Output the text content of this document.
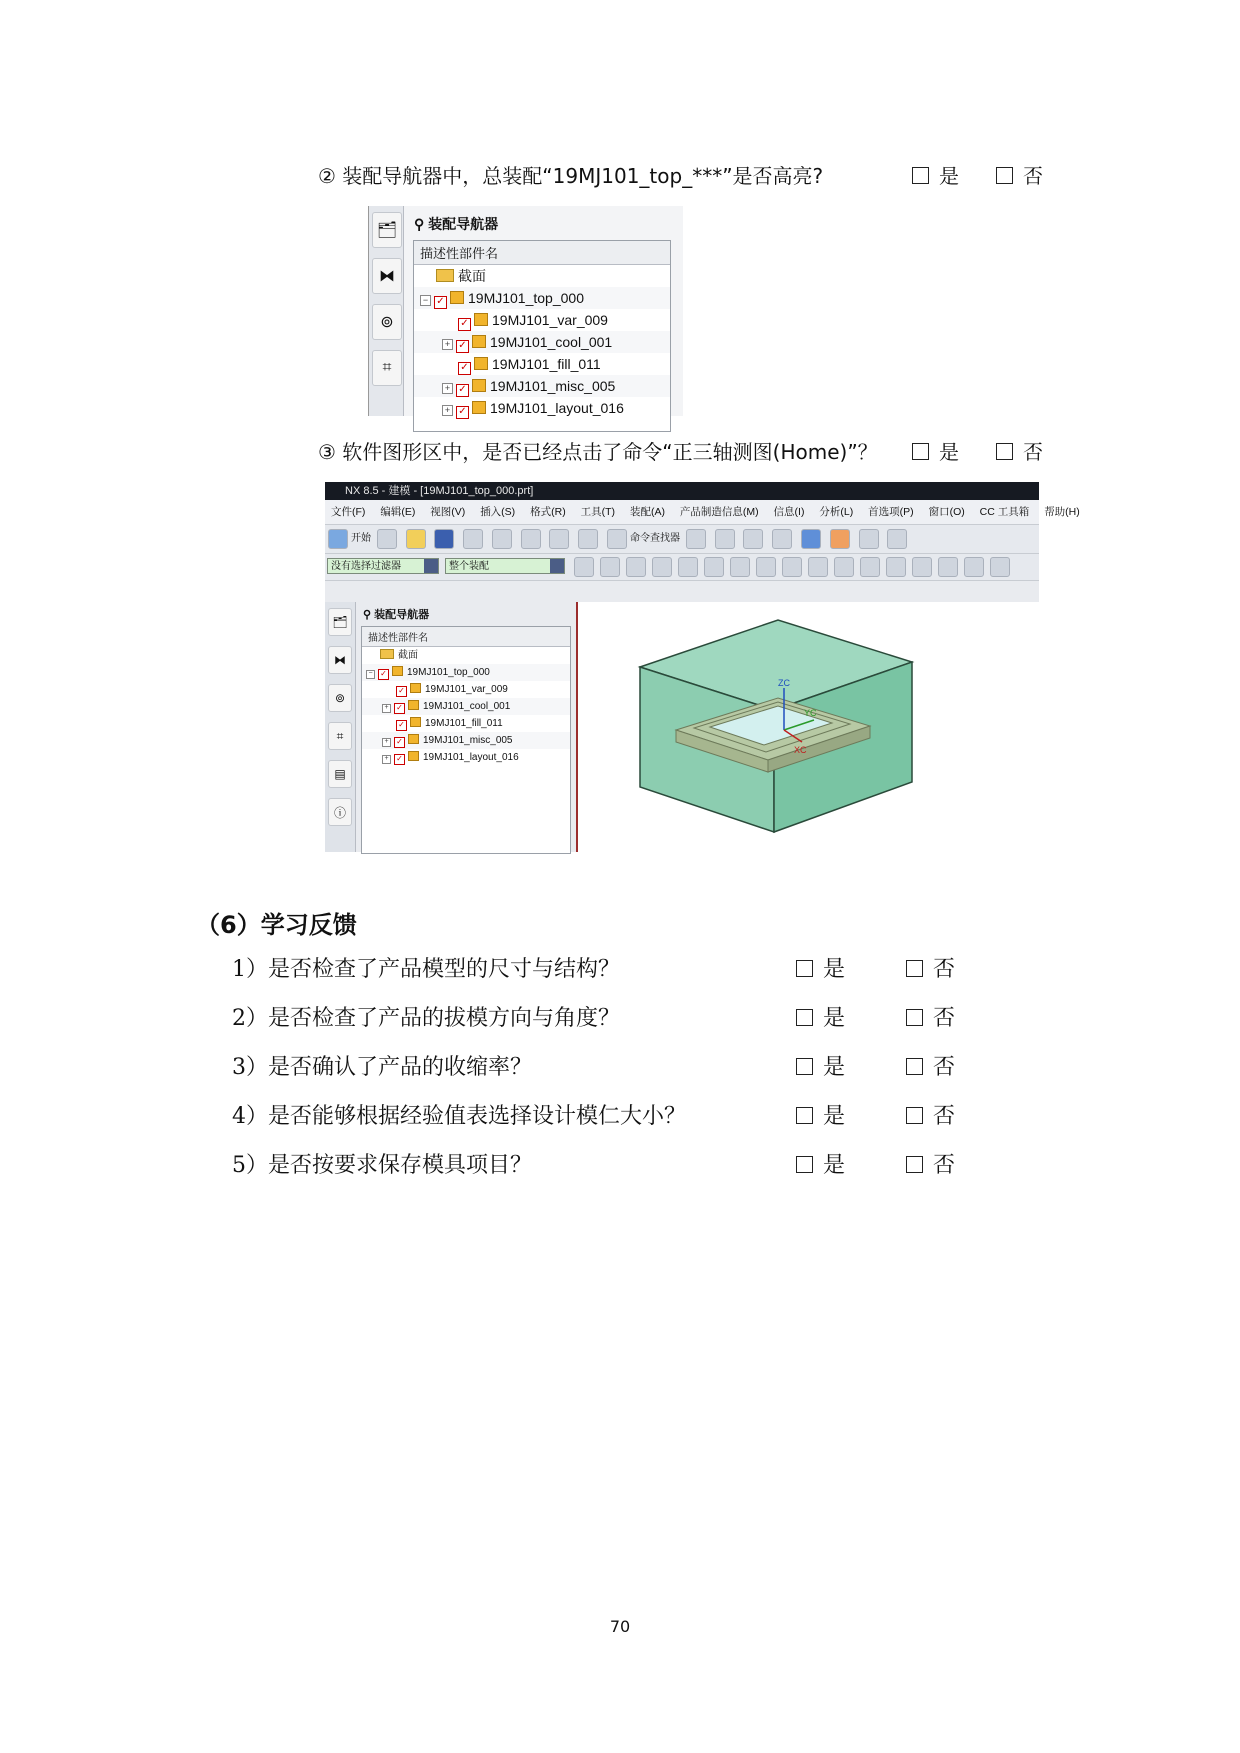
② 装配导航器中，总装配“19MJ101_top_***”是否高亮?	是	否
🗂
⧓
⊚
⌗
⚲ 装配导航器
描述性部件名
截面
− ✓ 19MJ101_top_000
✓ 19MJ101_var_009
+ ✓ 19MJ101_cool_001
✓ 19MJ101_fill_011
+ ✓ 19MJ101_misc_005
+ ✓ 19MJ101_layout_016
③ 软件图形区中，是否已经点击了命令“正三轴测图(Home)”？	是	否
NX 8.5 - 建模 - [19MJ101_top_000.prt]
文件(F) 编辑(E) 视图(V) 插入(S) 格式(R) 工具(T) 装配(A) 产品制造信息(M) 信息(I) 分析(L) 首选项(P) 窗口(O) CC 工具箱 帮助(H)
开始	命令查找器
没有选择过滤器	整个装配
🗂
⧓
⊚
⌗
▤
ⓘ
⚲ 装配导航器
描述性部件名
截面
− ✓ 19MJ101_top_000
✓ 19MJ101_var_009
+ ✓ 19MJ101_cool_001
✓ 19MJ101_fill_011
+ ✓ 19MJ101_misc_005
+ ✓ 19MJ101_layout_016
ZC
YC
XC
（6）学习反馈
1）是否检查了产品模型的尺寸与结构？	是	否
2）是否检查了产品的拔模方向与角度？	是	否
3）是否确认了产品的收缩率？	是	否
4）是否能够根据经验值表选择设计模仁大小？	是	否
5）是否按要求保存模具项目？	是	否
70
